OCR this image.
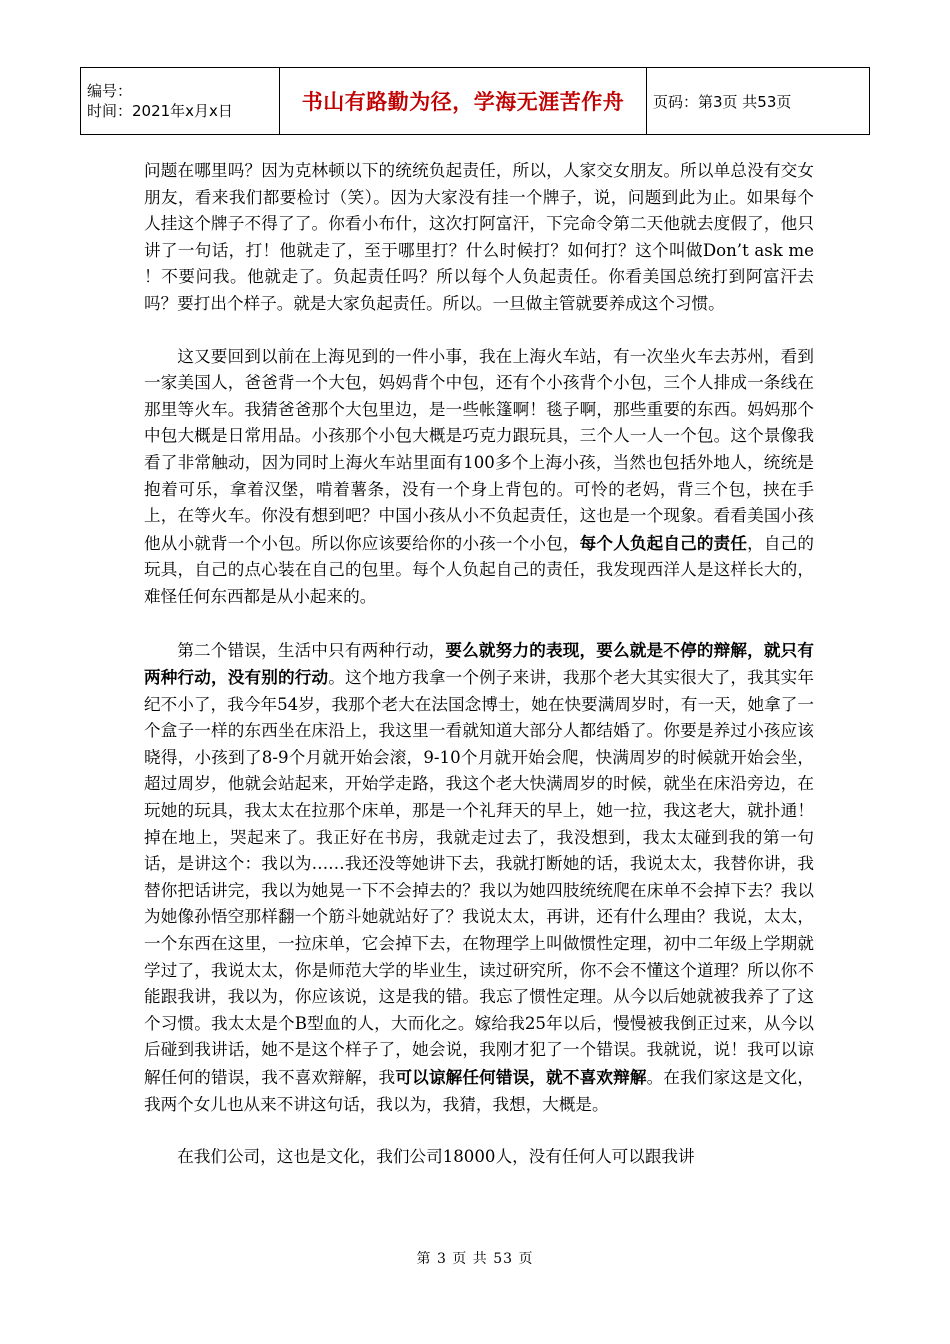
编号：
时间：2021年x月x日	书山有路勤为径，学海无涯苦作舟	页码：第3页 共53页

问题在哪里吗？因为克林顿以下的统统负起责任，所以，人家交女朋友。所以单总没有交女朋友，看来我们都要检讨（笑）。因为大家没有挂一个牌子，说，问题到此为止。如果每个人挂这个牌子不得了了。你看小布什，这次打阿富汗，下完命令第二天他就去度假了，他只讲了一句话，打！他就走了，至于哪里打？什么时候打？如何打？这个叫做Don’t ask me ！不要问我。他就走了。负起责任吗？所以每个人负起责任。你看美国总统打到阿富汗去吗？要打出个样子。就是大家负起责任。所以。一旦做主管就要养成这个习惯。

这又要回到以前在上海见到的一件小事，我在上海火车站，有一次坐火车去苏州，看到一家美国人，爸爸背一个大包，妈妈背个中包，还有个小孩背个小包，三个人排成一条线在那里等火车。我猜爸爸那个大包里边，是一些帐篷啊！毯子啊，那些重要的东西。妈妈那个中包大概是日常用品。小孩那个小包大概是巧克力跟玩具，三个人一人一个包。这个景像我看了非常触动，因为同时上海火车站里面有100多个上海小孩，当然也包括外地人，统统是抱着可乐，拿着汉堡，啃着薯条，没有一个身上背包的。可怜的老妈，背三个包，挟在手上，在等火车。你没有想到吧？中国小孩从小不负起责任，这也是一个现象。看看美国小孩他从小就背一个小包。所以你应该要给你的小孩一个小包，每个人负起自己的责任，自己的玩具，自己的点心装在自己的包里。每个人负起自己的责任，我发现西洋人是这样长大的，难怪任何东西都是从小起来的。

第二个错误，生活中只有两种行动，要么就努力的表现，要么就是不停的辩解，就只有两种行动，没有别的行动。这个地方我拿一个例子来讲，我那个老大其实很大了，我其实年纪不小了，我今年54岁，我那个老大在法国念博士，她在快要满周岁时，有一天，她拿了一个盒子一样的东西坐在床沿上，我这里一看就知道大部分人都结婚了。你要是养过小孩应该晓得，小孩到了8-9个月就开始会滚，9-10个月就开始会爬，快满周岁的时候就开始会坐，超过周岁，他就会站起来，开始学走路，我这个老大快满周岁的时候，就坐在床沿旁边，在玩她的玩具，我太太在拉那个床单，那是一个礼拜天的早上，她一拉，我这老大，就扑通！掉在地上，哭起来了。我正好在书房，我就走过去了，我没想到，我太太碰到我的第一句话，是讲这个：我以为……我还没等她讲下去，我就打断她的话，我说太太，我替你讲，我替你把话讲完，我以为她晃一下不会掉去的？我以为她四肢统统爬在床单不会掉下去？我以为她像孙悟空那样翻一个筋斗她就站好了？我说太太，再讲，还有什么理由？我说，太太，一个东西在这里，一拉床单，它会掉下去，在物理学上叫做惯性定理，初中二年级上学期就学过了，我说太太，你是师范大学的毕业生，读过研究所，你不会不懂这个道理？所以你不能跟我讲，我以为，你应该说，这是我的错。我忘了惯性定理。从今以后她就被我养了了这个习惯。我太太是个B型血的人，大而化之。嫁给我25年以后，慢慢被我倒正过来，从今以后碰到我讲话，她不是这个样子了，她会说，我刚才犯了一个错误。我就说，说！我可以谅解任何的错误，我不喜欢辩解，我可以谅解任何错误，就不喜欢辩解。在我们家这是文化，我两个女儿也从来不讲这句话，我以为，我猜，我想，大概是。

在我们公司，这也是文化，我们公司18000人，没有任何人可以跟我讲

第 3 页 共 53 页
